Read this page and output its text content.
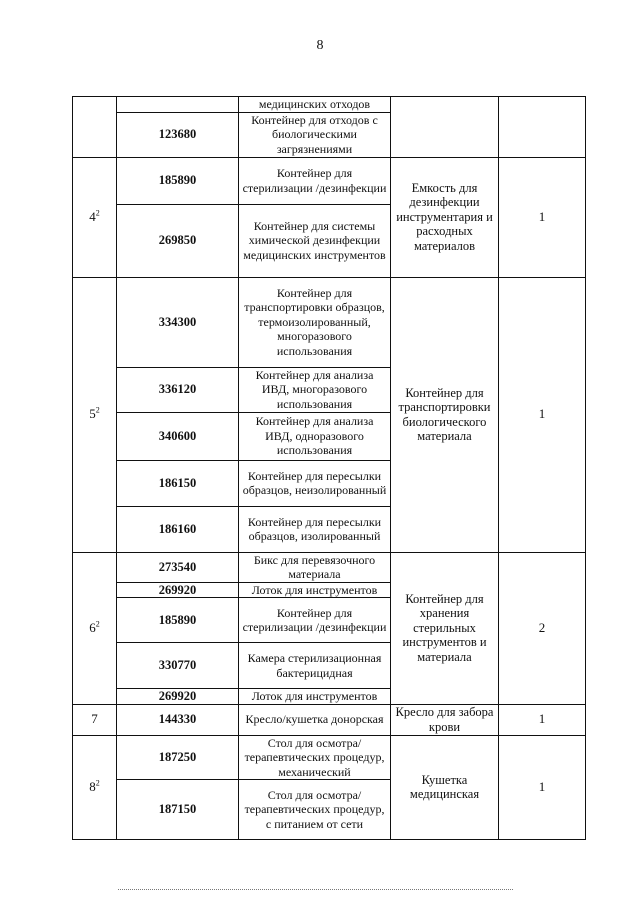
8
		медицинских отходов		
	123680	Контейнер для отходов с биологическими загрязнениями		
$4^2$	185890	Контейнер для стерилизации /дезинфекции	Емкость для дезинфекции инструментария и расходных материалов	1
	269850	Контейнер для системы химической дезинфекции медицинских инструментов		
$5^2$	334300	Контейнер для транспортировки образцов, термоизолированный, многоразового использования	Контейнер для транспортировки биологического материала	1
	336120	Контейнер для анализа ИВД, многоразового использования		
	340600	Контейнер для анализа ИВД, одноразового использования		
	186150	Контейнер для пересылки образцов, неизолированный		
	186160	Контейнер для пересылки образцов, изолированный		
$6^2$	273540	Бикс для перевязочного материала	Контейнер для хранения стерильных инструментов и материала	2
	269920	Лоток для инструментов		
	185890	Контейнер для стерилизации /дезинфекции		
	330770	Камера стерилизационная бактерицидная		
	269920	Лоток для инструментов		
7	144330	Кресло/кушетка донорская	Кресло для забора крови	1
$8^2$	187250	Стол для осмотра/терапевтических процедур, механический	Кушетка медицинская	1
	187150	Стол для осмотра/терапевтических процедур, с питанием от сети		
